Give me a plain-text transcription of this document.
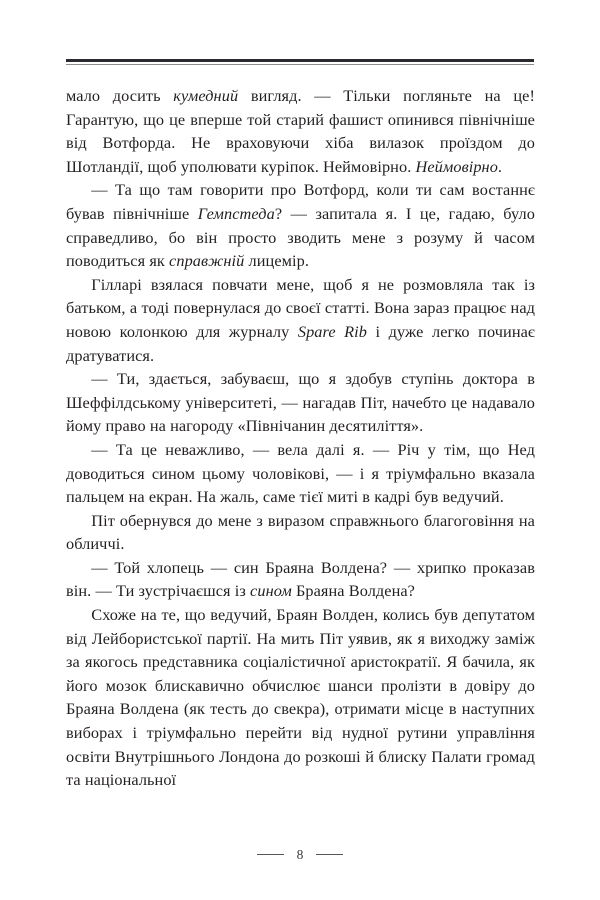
мало досить кумедний вигляд. — Тільки погляньте на це! Гарантую, що це вперше той старий фашист опинився північніше від Вотфорда. Не враховуючи хіба вилазок проїздом до Шотландії, щоб уполювати куріпок. Неймовірно. Неймовірно.

— Та що там говорити про Вотфорд, коли ти сам востаннє бував північніше Гемпстеда? — запитала я. І це, гадаю, було справедливо, бо він просто зводить мене з розуму й часом поводиться як справжній лицемір.

Гілларі взялася повчати мене, щоб я не розмовляла так із батьком, а тоді повернулася до своєї статті. Вона зараз працює над новою колонкою для журналу Spare Rib і дуже легко починає дратуватися.

— Ти, здається, забуваєш, що я здобув ступінь доктора в Шеффілдському університеті, — нагадав Піт, начебто це надавало йому право на нагороду «Північанин десятиліття».

— Та це неважливо, — вела далі я. — Річ у тім, що Нед доводиться сином цьому чоловікові, — і я тріумфально вказала пальцем на екран. На жаль, саме тієї миті в кадрі був ведучий.

Піт обернувся до мене з виразом справжнього благоговіння на обличчі.

— Той хлопець — син Браяна Волдена? — хрипко проказав він. — Ти зустрічаєшся із сином Браяна Волдена?

Схоже на те, що ведучий, Браян Волден, колись був депутатом від Лейбористської партії. На мить Піт уявив, як я виходжу заміж за якогось представника соціалістичної аристократії. Я бачила, як його мозок блискавично обчислює шанси пролізти в довіру до Браяна Волдена (як тесть до свекра), отримати місце в наступних виборах і тріумфально перейти від нудної рутини управління освіти Внутрішнього Лондона до розкоші й блиску Палати громад та національної

8
